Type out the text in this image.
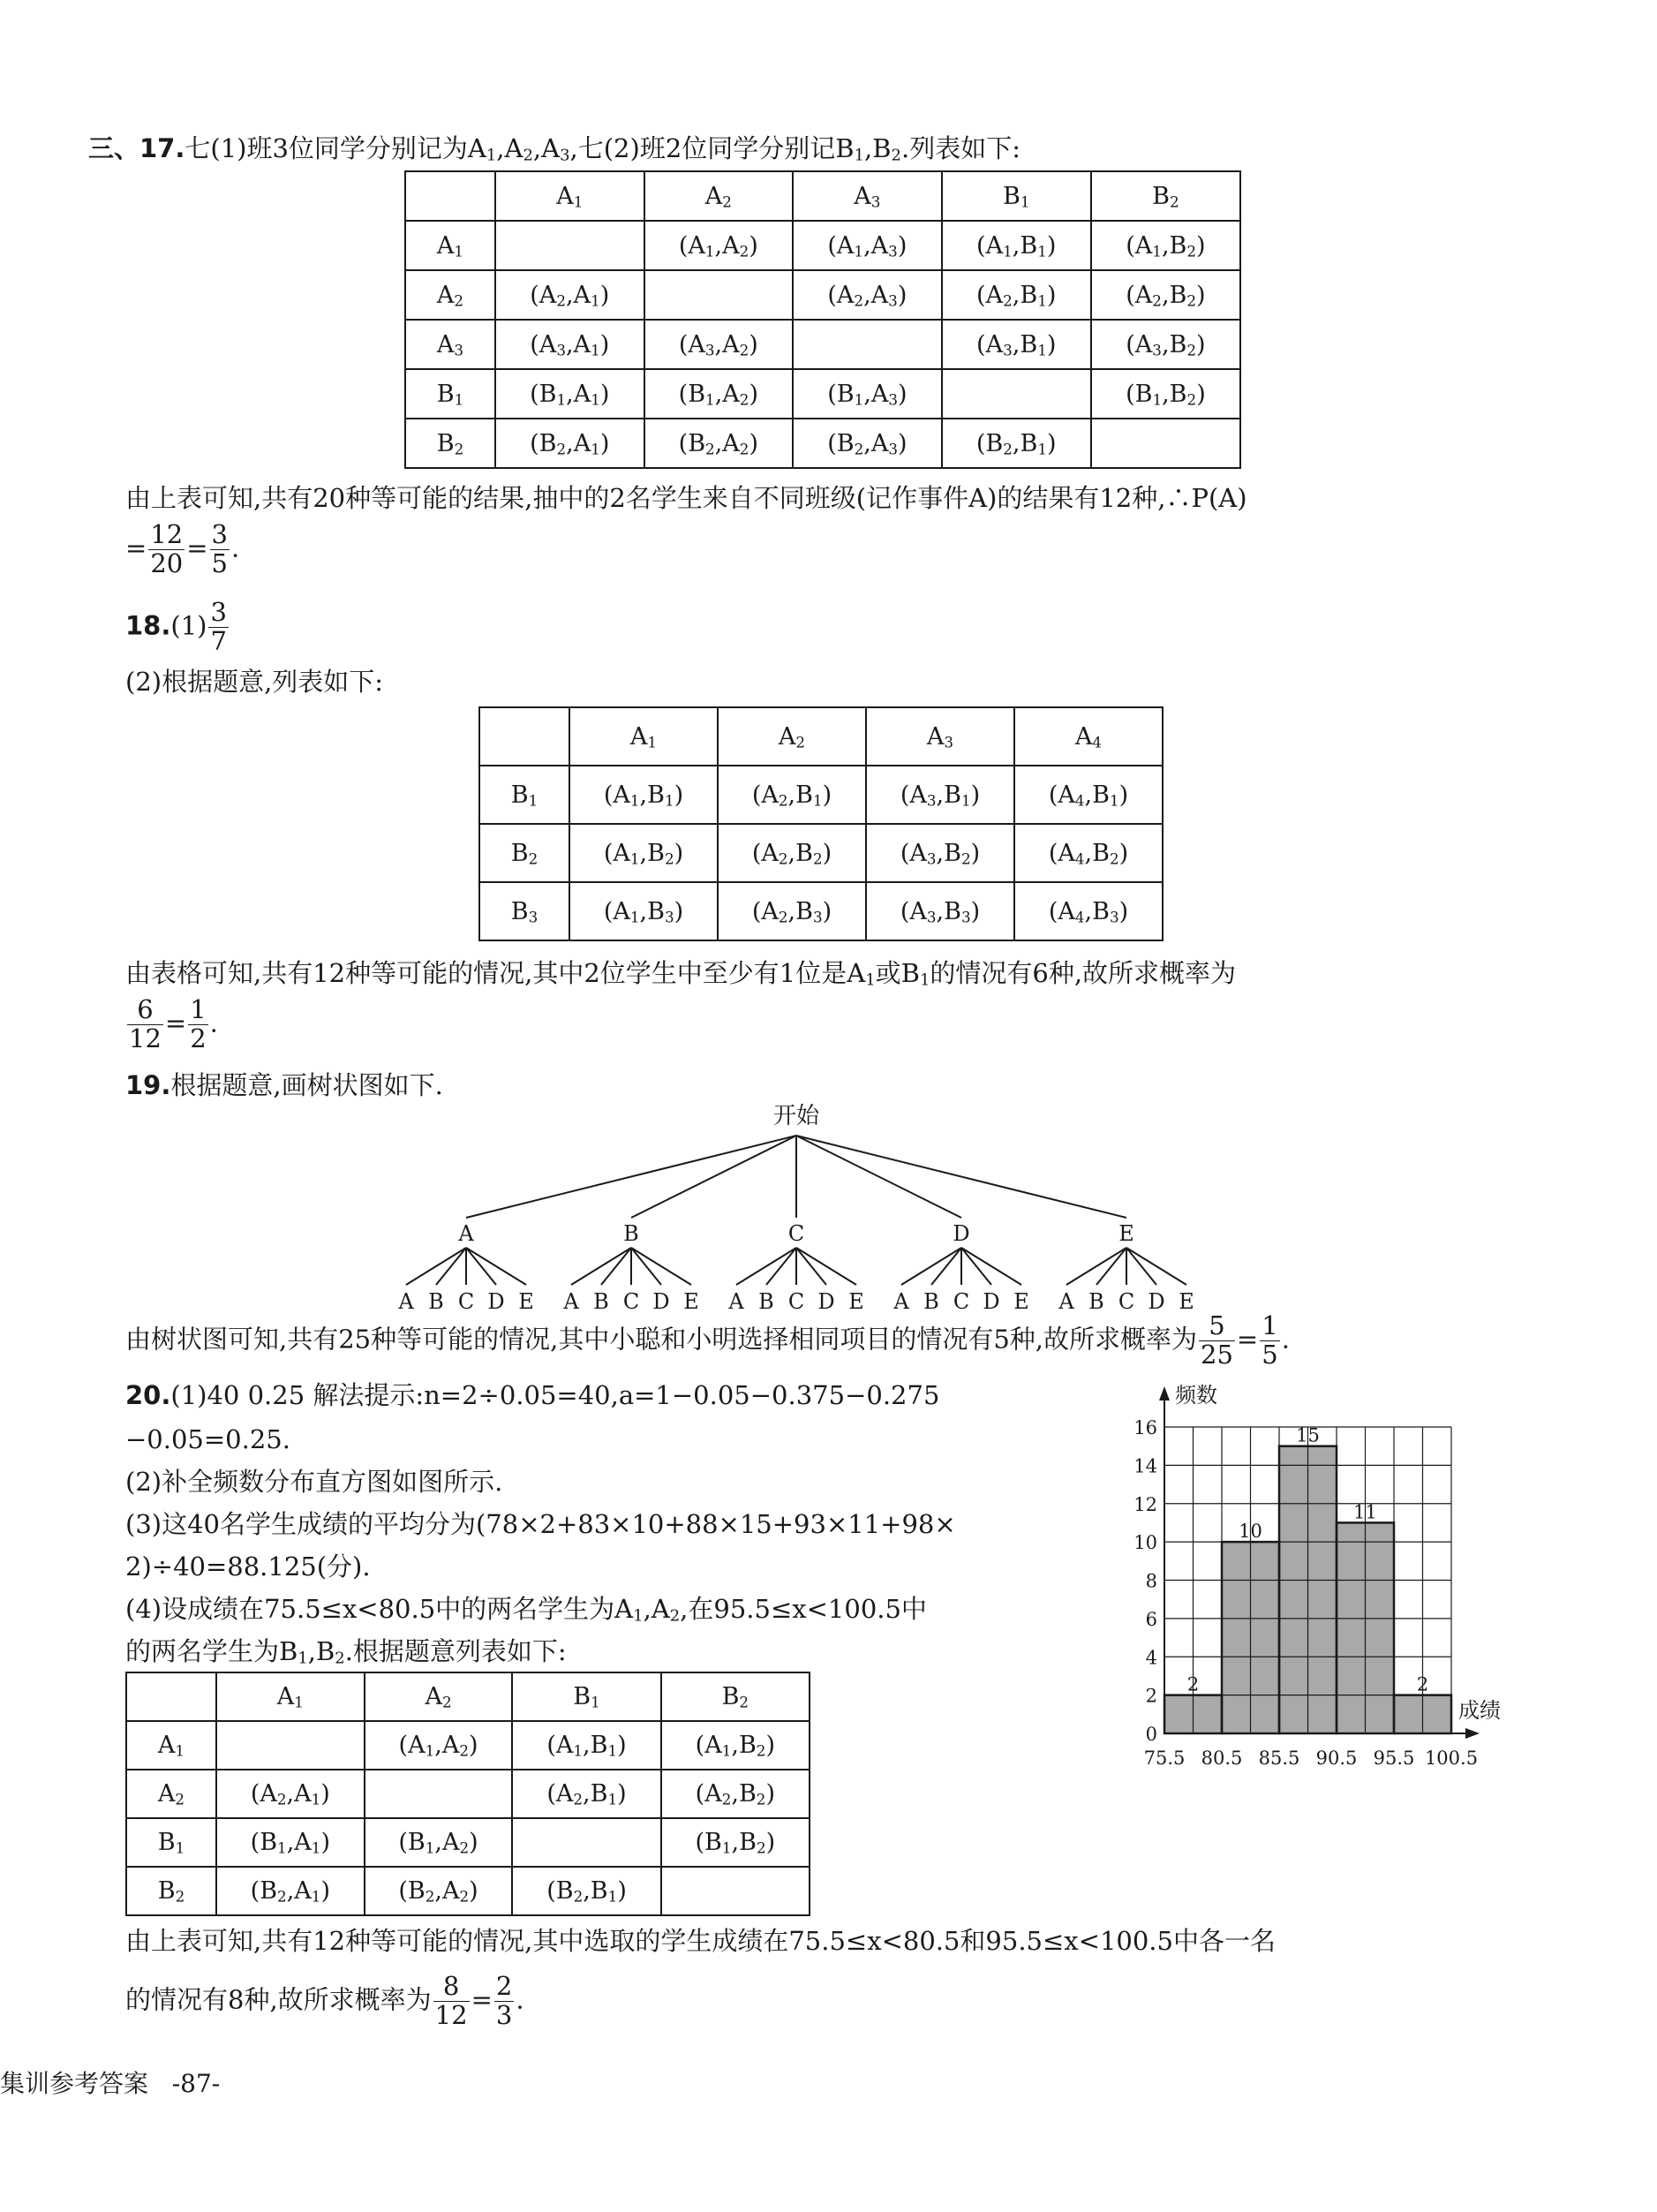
三、17.七(1)班3位同学分别记为$A_1,A_2,A_3$,七(2)班2位同学分别记$B_1,B_2$.列表如下:
	$A_1$	$A_2$	$A_3$	$B_1$	$B_2$
$A_1$		$(A_1,A_2)$	$(A_1,A_3)$	$(A_1,B_1)$	$(A_1,B_2)$
$A_2$	$(A_2,A_1)$		$(A_2,A_3)$	$(A_2,B_1)$	$(A_2,B_2)$
$A_3$	$(A_3,A_1)$	$(A_3,A_2)$		$(A_3,B_1)$	$(A_3,B_2)$
$B_1$	$(B_1,A_1)$	$(B_1,A_2)$	$(B_1,A_3)$		$(B_1,B_2)$
$B_2$	$(B_2,A_1)$	$(B_2,A_2)$	$(B_2,A_3)$	$(B_2,B_1)$	
由上表可知,共有20种等可能的结果,抽中的2名学生来自不同班级(记作事件A)的结果有12种,∴P(A)
= $\frac{12}{20} = \frac{3}{5}$ .
$18.(1) \frac{3}{7}$
(2)根据题意,列表如下:
	$A_1$	$A_2$	$A_3$	$A_4$
$B_1$	$(A_1,B_1)$	$(A_2,B_1)$	$(A_3,B_1)$	$(A_4,B_1)$
$B_2$	$(A_1,B_2)$	$(A_2,B_2)$	$(A_3,B_2)$	$(A_4,B_2)$
$B_3$	$(A_1,B_3)$	$(A_2,B_3)$	$(A_3,B_3)$	$(A_4,B_3)$
由表格可知,共有12种等可能的情况,其中2位学生中至少有1位是$A_1$或$B_1$的情况有6种,故所求概率为
$\frac{6}{12} = \frac{1}{2}$ .
19.根据题意,画树状图如下.
开始
A
A B C D E
B
A B C D E
C
A B C D E
D
A B C D E
E
A B C D E
由树状图可知,共有25种等可能的情况,其中小聪和小明选择相同项目的情况有5种,故所求概率为 $\frac{5}{25} = \frac{1}{5}$ .
20.(1)40 0.25 解法提示:n=2÷0.05=40,a=1−0.05−0.375−0.275
−0.05=0.25.
(2)补全频数分布直方图如图所示.
(3)这40名学生成绩的平均分为(78×2+83×10+88×15+93×11+98×
2)÷40=88.125(分).
(4)设成绩在75.5≤x<80.5中的两名学生为$A_1,A_2$,在95.5≤x<100.5中
的两名学生为$B_1,B_2$.根据题意列表如下:
	$A_1$	$A_2$	$B_1$	$B_2$
$A_1$		$(A_1,A_2)$	$(A_1,B_1)$	$(A_1,B_2)$
$A_2$	$(A_2,A_1)$		$(A_2,B_1)$	$(A_2,B_2)$
$B_1$	$(B_1,A_1)$	$(B_1,A_2)$		$(B_1,B_2)$
$B_2$	$(B_2,A_1)$	$(B_2,A_2)$	$(B_2,B_1)$	
由上表可知,共有12种等可能的情况,其中选取的学生成绩在75.5≤x<80.5和95.5≤x<100.5中各一名
的情况有8种,故所求概率为 $\frac{8}{12} = \frac{2}{3}$ .
0
2
4
6
8
10
12
14
16
2
10
15
11
2
频数
成绩
75.5 80.5 85.5 90.5 95.5 100.5
集训参考答案 -87-
